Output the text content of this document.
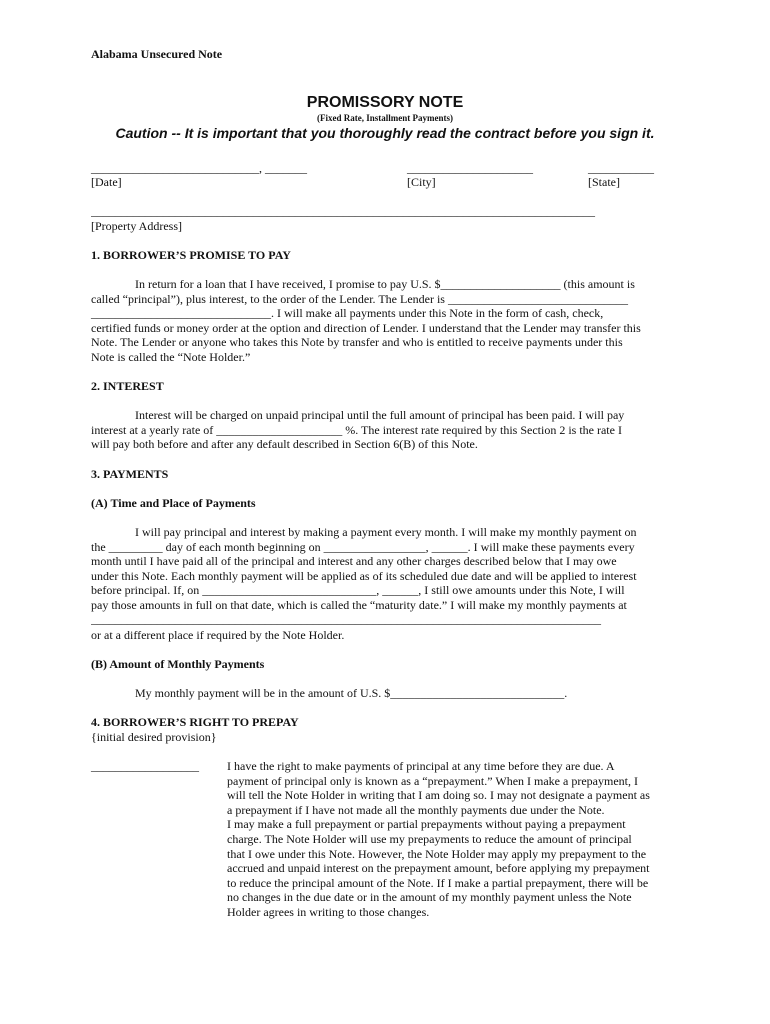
Alabama Unsecured Note
PROMISSORY NOTE
(Fixed Rate, Installment Payments)
Caution -- It is important that you thoroughly read the contract before you sign it.
____________________________, _______	_____________________	___________
[Date]	[City]	[State]
____________________________________________________________________________________
[Property Address]
1. BORROWER’S PROMISE TO PAY
In return for a loan that I have received, I promise to pay U.S. $____________________ (this amount is
called “principal”), plus interest, to the order of the Lender. The Lender is ______________________________
______________________________. I will make all payments under this Note in the form of cash, check,
certified funds or money order at the option and direction of Lender. I understand that the Lender may transfer this
Note. The Lender or anyone who takes this Note by transfer and who is entitled to receive payments under this
Note is called the “Note Holder.”
2. INTEREST
Interest will be charged on unpaid principal until the full amount of principal has been paid. I will pay
interest at a yearly rate of _____________________ %. The interest rate required by this Section 2 is the rate I
will pay both before and after any default described in Section 6(B) of this Note.
3. PAYMENTS
(A) Time and Place of Payments
I will pay principal and interest by making a payment every month. I will make my monthly payment on
the _________ day of each month beginning on _________________, ______. I will make these payments every
month until I have paid all of the principal and interest and any other charges described below that I may owe
under this Note. Each monthly payment will be applied as of its scheduled due date and will be applied to interest
before principal. If, on _____________________________, ______, I still owe amounts under this Note, I will
pay those amounts in full on that date, which is called the “maturity date.” I will make my monthly payments at
_____________________________________________________________________________________
or at a different place if required by the Note Holder.
(B) Amount of Monthly Payments
My monthly payment will be in the amount of U.S. $_____________________________.
4. BORROWER’S RIGHT TO PREPAY
{initial desired provision}
__________________ I have the right to make payments of principal at any time before they are due. A
payment of principal only is known as a “prepayment.” When I make a prepayment, I
will tell the Note Holder in writing that I am doing so. I may not designate a payment as
a prepayment if I have not made all the monthly payments due under the Note.
I may make a full prepayment or partial prepayments without paying a prepayment
charge. The Note Holder will use my prepayments to reduce the amount of principal
that I owe under this Note. However, the Note Holder may apply my prepayment to the
accrued and unpaid interest on the prepayment amount, before applying my prepayment
to reduce the principal amount of the Note. If I make a partial prepayment, there will be
no changes in the due date or in the amount of my monthly payment unless the Note
Holder agrees in writing to those changes.
